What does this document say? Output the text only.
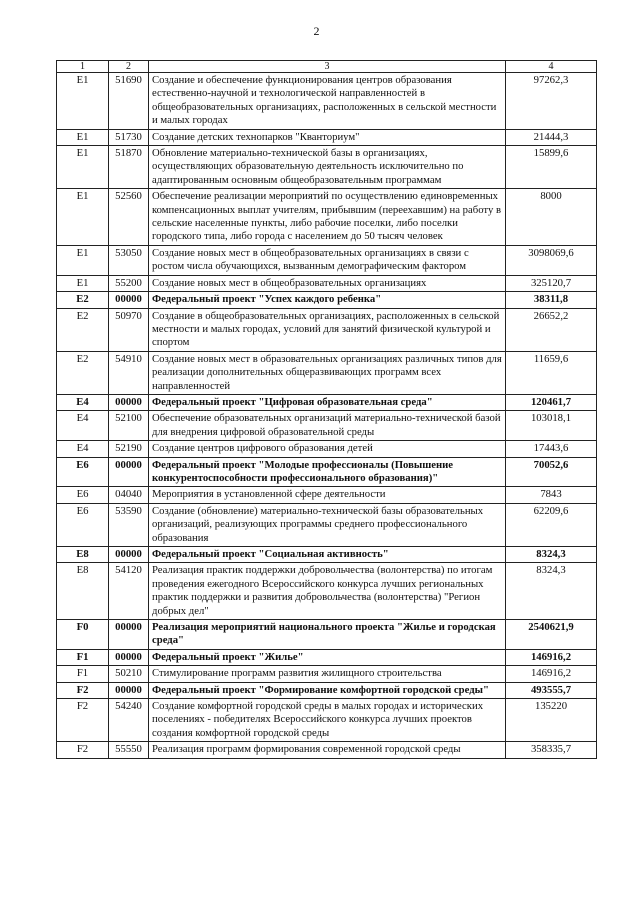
2
1	2	3	4
E1	51690	Создание и обеспечение функционирования центров образования естественно-научной и технологической направленностей в общеобразовательных организациях, расположенных в сельской местности и малых городах	97262,3
E1	51730	Создание детских технопарков "Кванториум"	21444,3
E1	51870	Обновление материально-технической базы в организациях, осуществляющих образовательную деятельность исключительно по адаптированным основным общеобразовательным программам	15899,6
E1	52560	Обеспечение реализации мероприятий по осуществлению единовременных компенсационных выплат учителям, прибывшим (переехавшим) на работу в сельские населенные пункты, либо рабочие поселки, либо поселки городского типа, либо города с населением до 50 тысяч человек	8000
E1	53050	Создание новых мест в общеобразовательных организациях в связи с ростом числа обучающихся, вызванным демографическим фактором	3098069,6
E1	55200	Создание новых мест в общеобразовательных организациях	325120,7
E2	00000	Федеральный проект "Успех каждого ребенка"	38311,8
E2	50970	Создание в общеобразовательных организациях, расположенных в сельской местности и малых городах, условий для занятий физической культурой и спортом	26652,2
E2	54910	Создание новых мест в образовательных организациях различных типов для реализации дополнительных общеразвивающих программ всех направленностей	11659,6
E4	00000	Федеральный проект "Цифровая образовательная среда"	120461,7
E4	52100	Обеспечение образовательных организаций материально-технической базой для внедрения цифровой образовательной среды	103018,1
E4	52190	Создание центров цифрового образования детей	17443,6
E6	00000	Федеральный проект "Молодые профессионалы (Повышение конкурентоспособности профессионального образования)"	70052,6
E6	04040	Мероприятия в установленной сфере деятельности	7843
E6	53590	Создание (обновление) материально-технической базы образовательных организаций, реализующих программы среднего профессионального образования	62209,6
E8	00000	Федеральный проект "Социальная активность"	8324,3
E8	54120	Реализация практик поддержки добровольчества (волонтерства) по итогам проведения ежегодного Всероссийского конкурса лучших региональных практик поддержки и развития добровольчества (волонтерства) "Регион добрых дел"	8324,3
F0	00000	Реализация мероприятий национального проекта "Жилье и городская среда"	2540621,9
F1	00000	Федеральный проект "Жилье"	146916,2
F1	50210	Стимулирование программ развития жилищного строительства	146916,2
F2	00000	Федеральный проект "Формирование комфортной городской среды"	493555,7
F2	54240	Создание комфортной городской среды в малых городах и исторических поселениях - победителях Всероссийского конкурса лучших проектов создания комфортной городской среды	135220
F2	55550	Реализация программ формирования современной городской среды	358335,7
